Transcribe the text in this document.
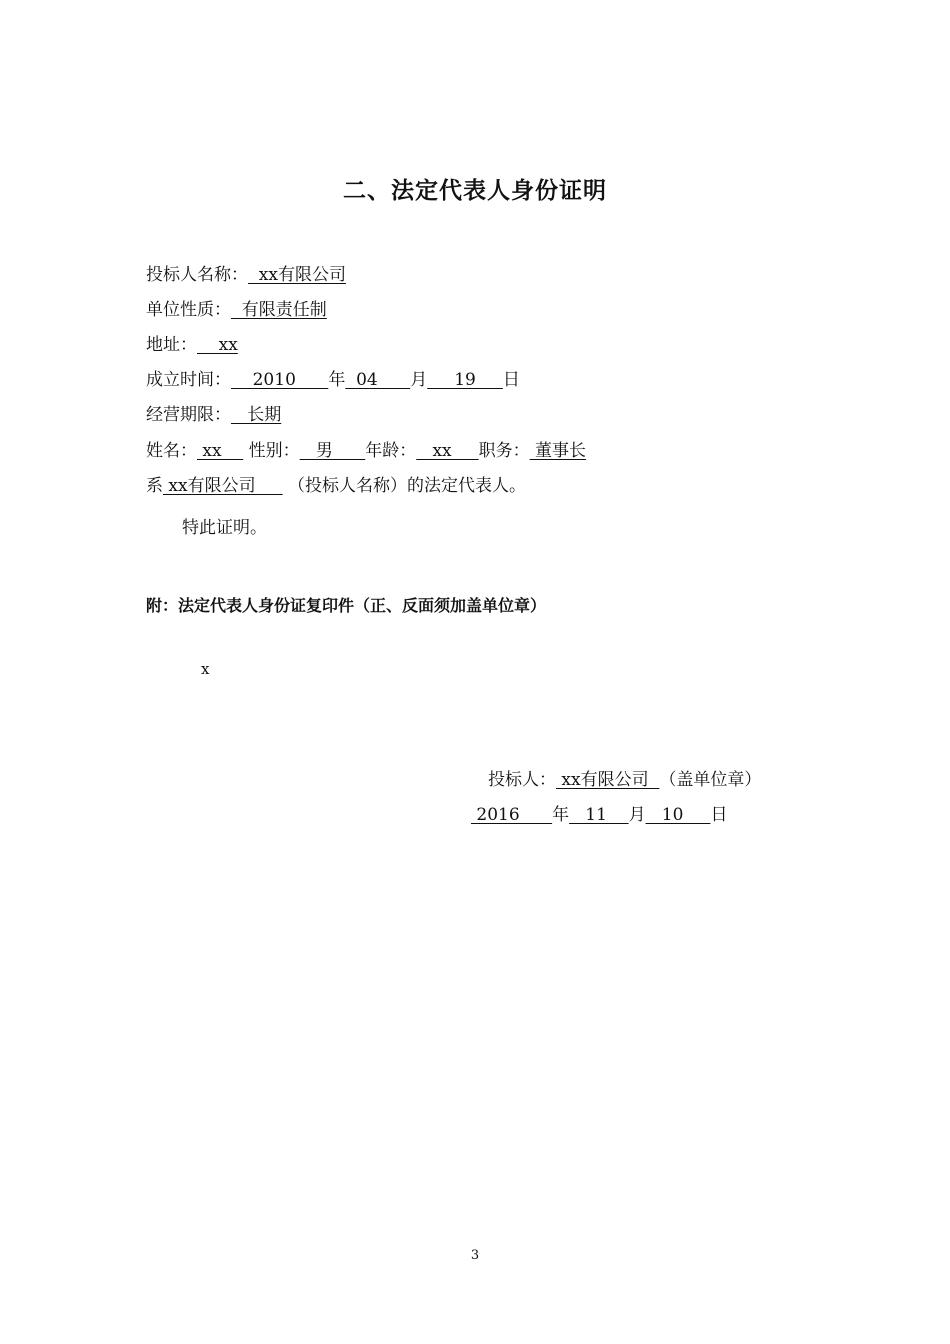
二、法定代表人身份证明
投标人名称：  xx有限公司
单位性质：  有限责任制
地址：    xx
成立时间：    2010      年  04      月     19     日
经营期限：   长期
姓名： xx     性别：   男      年龄：   xx     职务： 董事长
系 xx有限公司      （投标人名称）的法定代表人。
特此证明。
附：法定代表人身份证复印件（正、反面须加盖单位章）
x
投标人： xx有限公司  （盖单位章）
2016      年   11    月   10     日
3
